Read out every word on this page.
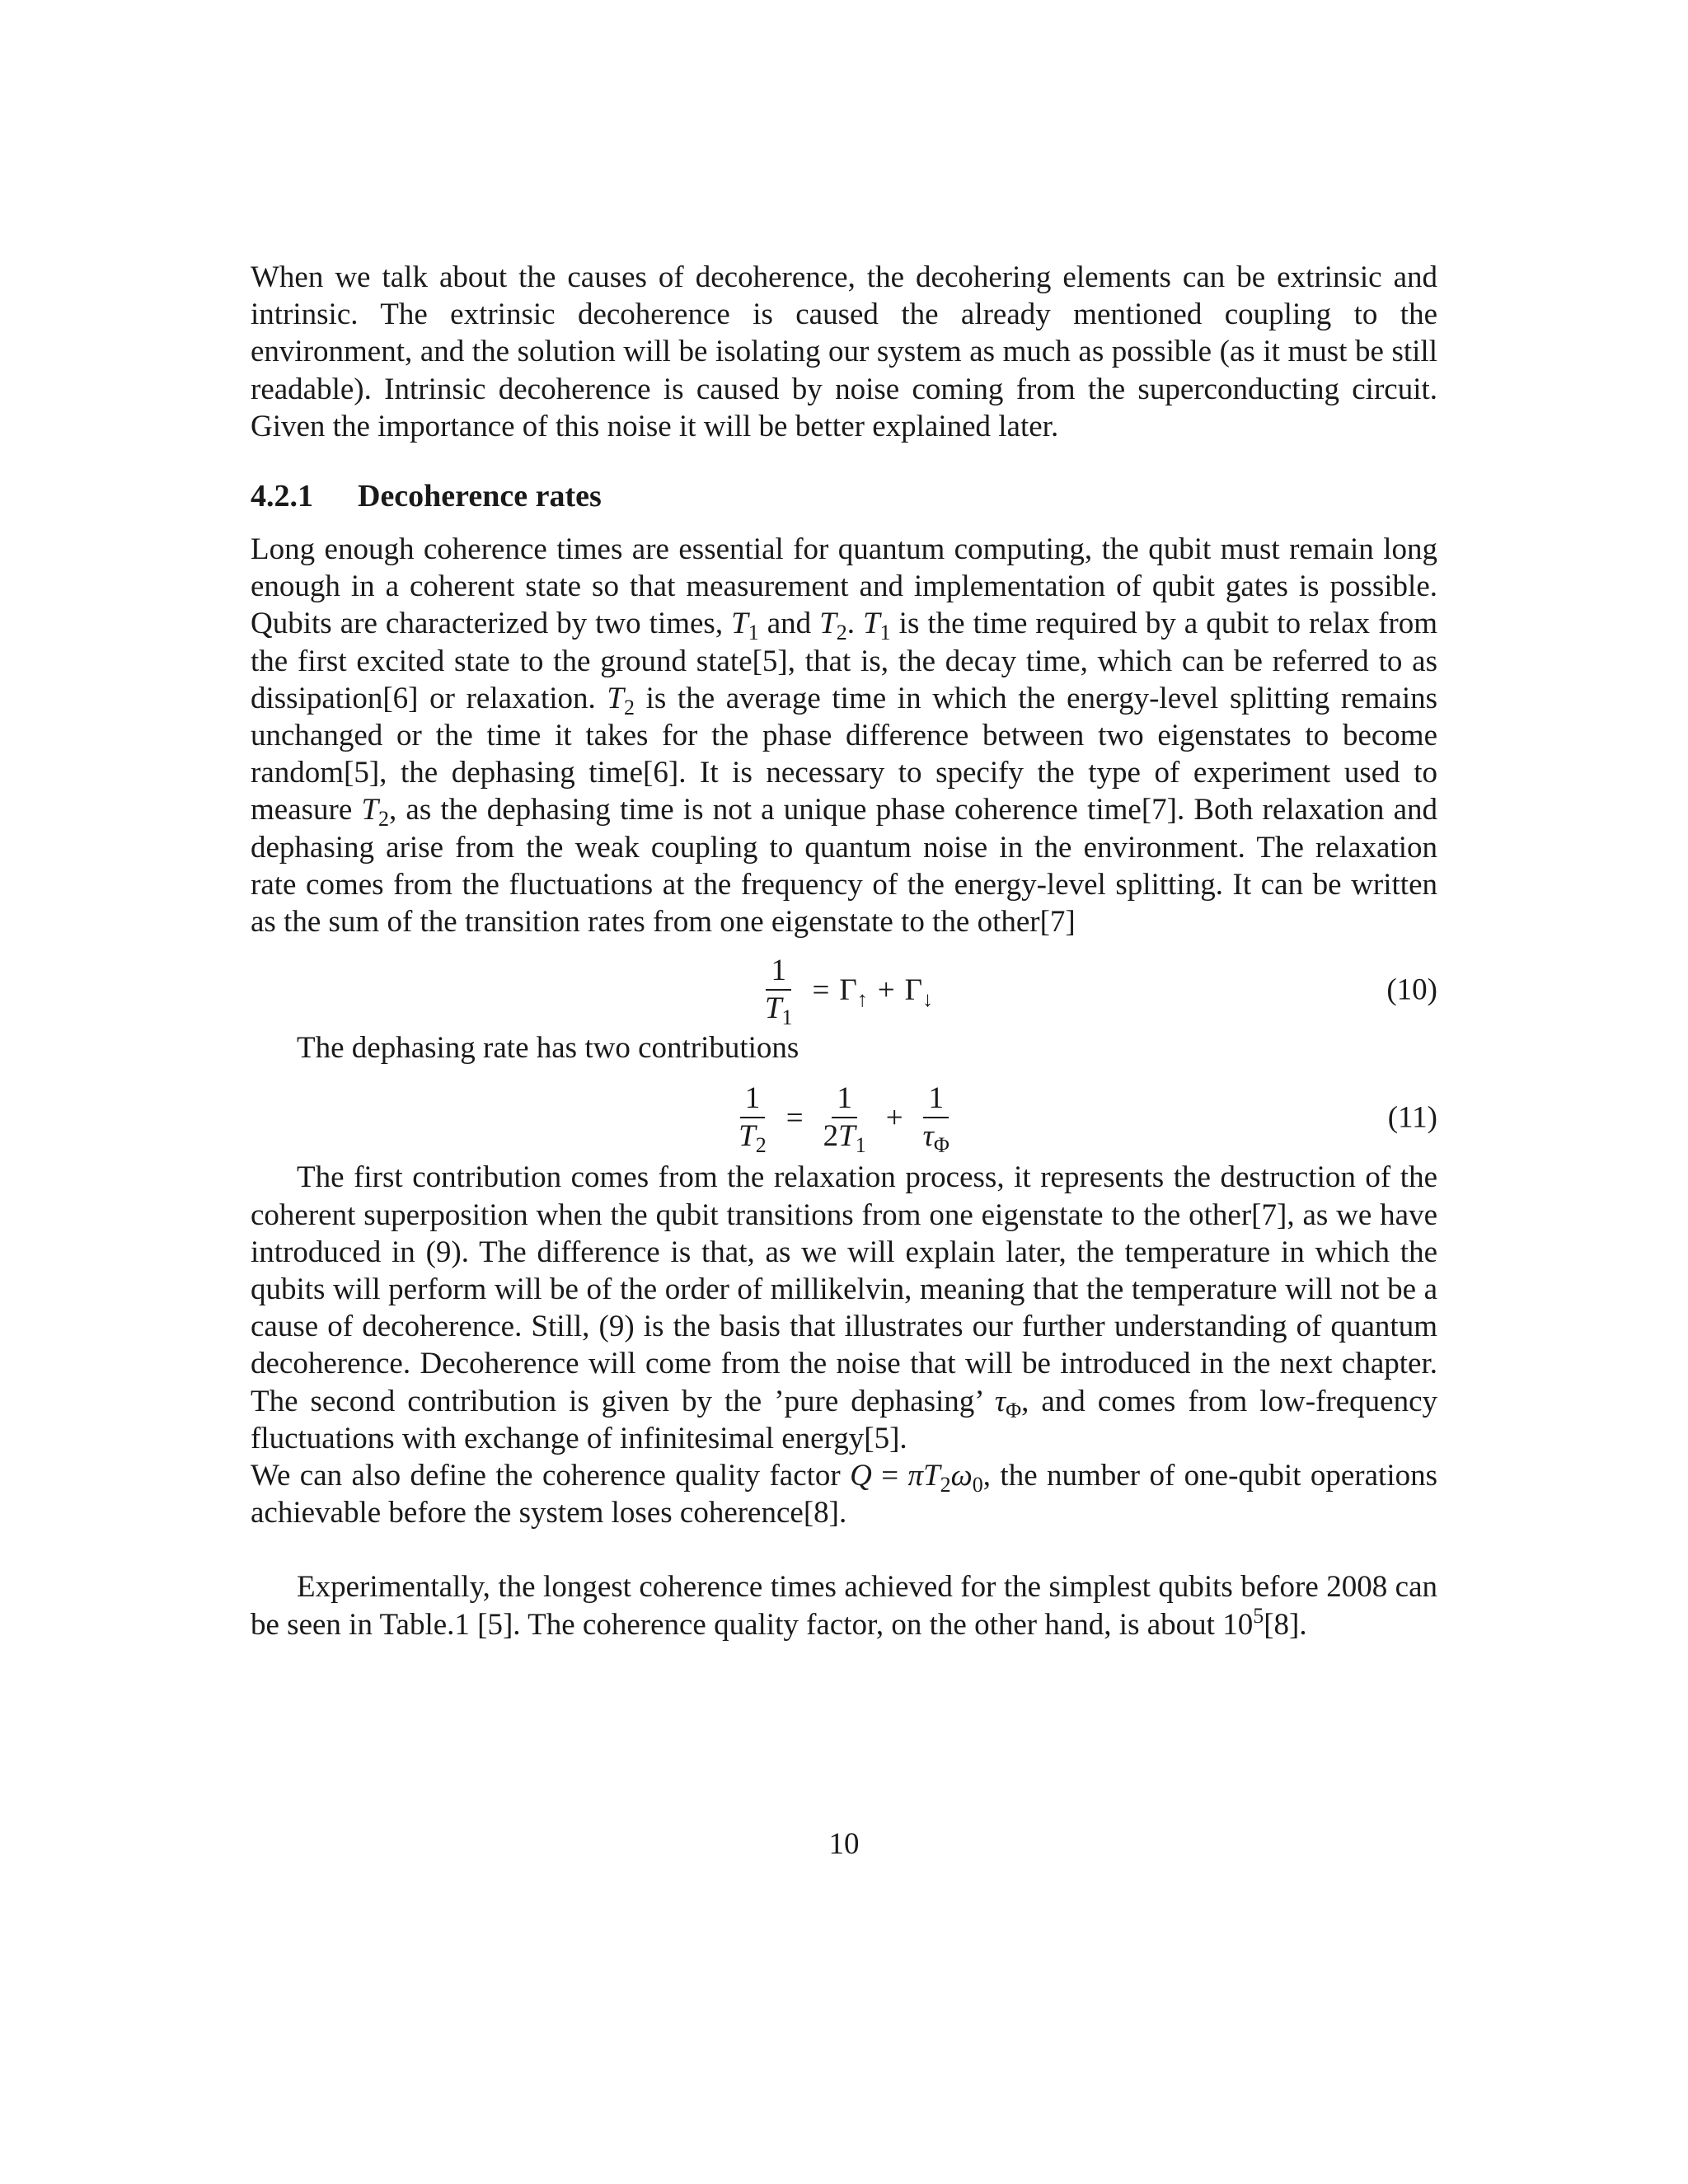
When we talk about the causes of decoherence, the decohering elements can be extrinsic and intrinsic. The extrinsic decoherence is caused the already mentioned coupling to the environment, and the solution will be isolating our system as much as possible (as it must be still readable). Intrinsic decoherence is caused by noise coming from the superconducting circuit. Given the importance of this noise it will be better explained later.

4.2.1 Decoherence rates

Long enough coherence times are essential for quantum computing, the qubit must remain long enough in a coherent state so that measurement and implementation of qubit gates is possible. Qubits are characterized by two times, $T_1$ and $T_2$. $T_1$ is the time required by a qubit to relax from the first excited state to the ground state[5], that is, the decay time, which can be referred to as dissipation[6] or relaxation. $T_2$ is the average time in which the energy-level splitting remains unchanged or the time it takes for the phase difference between two eigenstates to become random[5], the dephasing time[6]. It is necessary to specify the type of experiment used to measure $T_2$, as the dephasing time is not a unique phase coherence time[7]. Both relaxation and dephasing arise from the weak coupling to quantum noise in the environment. The relaxation rate comes from the fluctuations at the frequency of the energy-level splitting. It can be written as the sum of the transition rates from one eigenstate to the other[7]

$\frac{1}{T_1} = \Gamma_↑ + \Gamma_↓$	(10)

The dephasing rate has two contributions

$\frac{1}{T_2} = \frac{1}{2T_1} + \frac{1}{\tau_\Phi}$	(11)

The first contribution comes from the relaxation process, it represents the destruction of the coherent superposition when the qubit transitions from one eigenstate to the other[7], as we have introduced in (9). The difference is that, as we will explain later, the temperature in which the qubits will perform will be of the order of millikelvin, meaning that the temperature will not be a cause of decoherence. Still, (9) is the basis that illustrates our further understanding of quantum decoherence. Decoherence will come from the noise that will be introduced in the next chapter. The second contribution is given by the ’pure dephasing’ $\tau_\Phi$, and comes from low-frequency fluctuations with exchange of infinitesimal energy[5].

We can also define the coherence quality factor $Q = \pi T_2\omega_0$, the number of one-qubit operations achievable before the system loses coherence[8].

Experimentally, the longest coherence times achieved for the simplest qubits before 2008 can be seen in Table.1 [5]. The coherence quality factor, on the other hand, is about $10^5[8]$.

10
